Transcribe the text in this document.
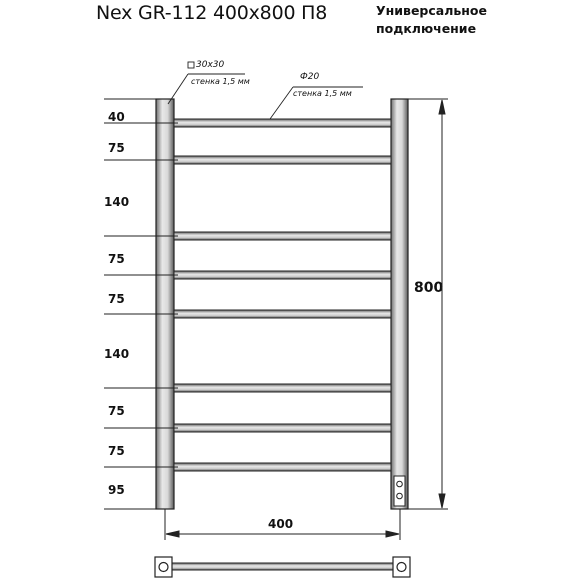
Nex GR-112 400x800 П8	Универсальное
подключение
30x30
стенка 1,5 мм	Ф20
стенка 1,5 мм
40
75
140
75
75
140
75
75
95
800
400
